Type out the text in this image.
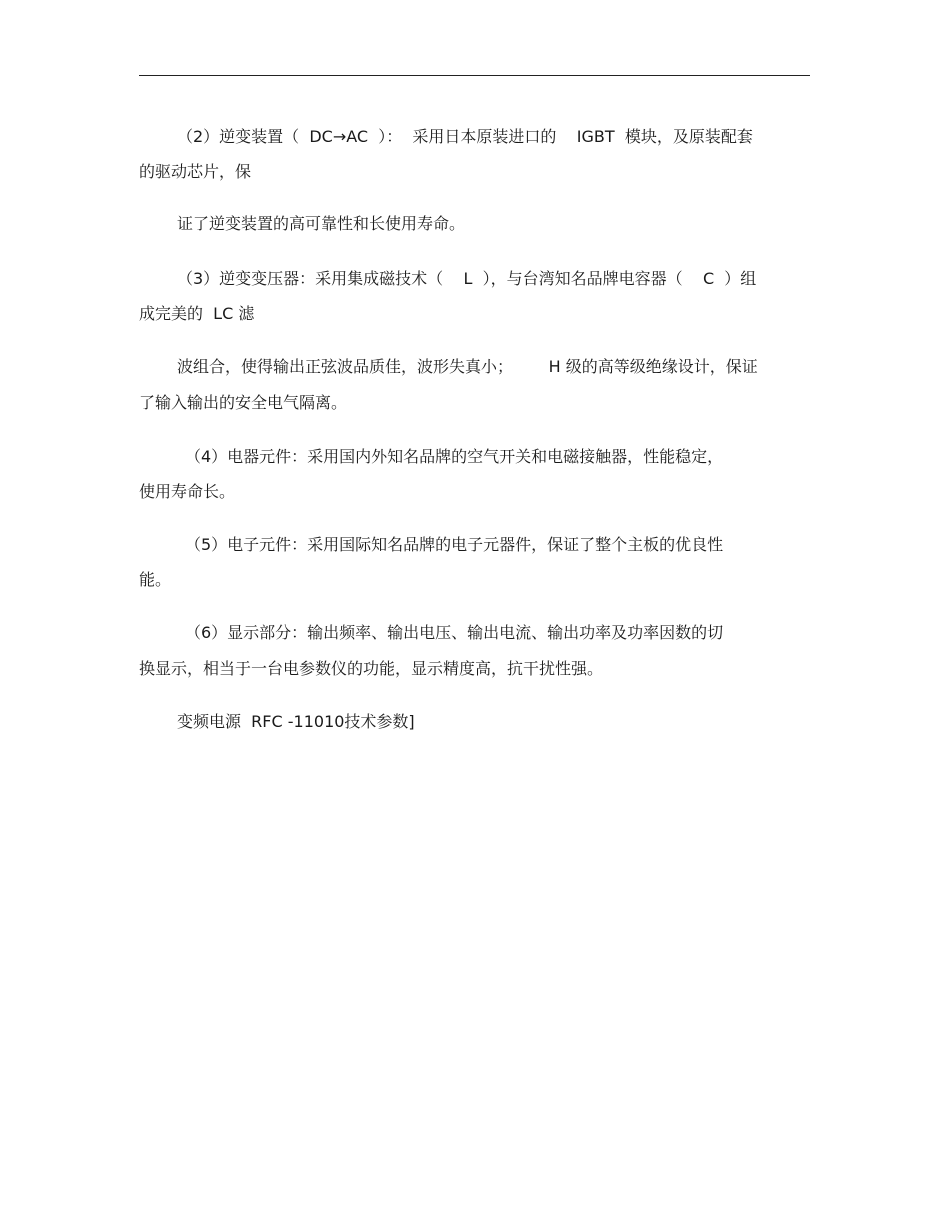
（2）逆变装置（  DC→AC  ）：  采用日本原装进口的    IGBT  模块，及原装配套
的驱动芯片，保
证了逆变装置的高可靠性和长使用寿命。
（3）逆变变压器：采用集成磁技术（    L  ），与台湾知名品牌电容器（    C  ）组
成完美的  LC 滤
波组合，使得输出正弦波品质佳，波形失真小；       H 级的高等级绝缘设计，保证
了输入输出的安全电气隔离。
（4）电器元件：采用国内外知名品牌的空气开关和电磁接触器，性能稳定，
使用寿命长。
（5）电子元件：采用国际知名品牌的电子元器件，保证了整个主板的优良性
能。
（6）显示部分：输出频率、输出电压、输出电流、输出功率及功率因数的切
换显示，相当于一台电参数仪的功能，显示精度高，抗干扰性强。
变频电源  RFC -11010技术参数]
